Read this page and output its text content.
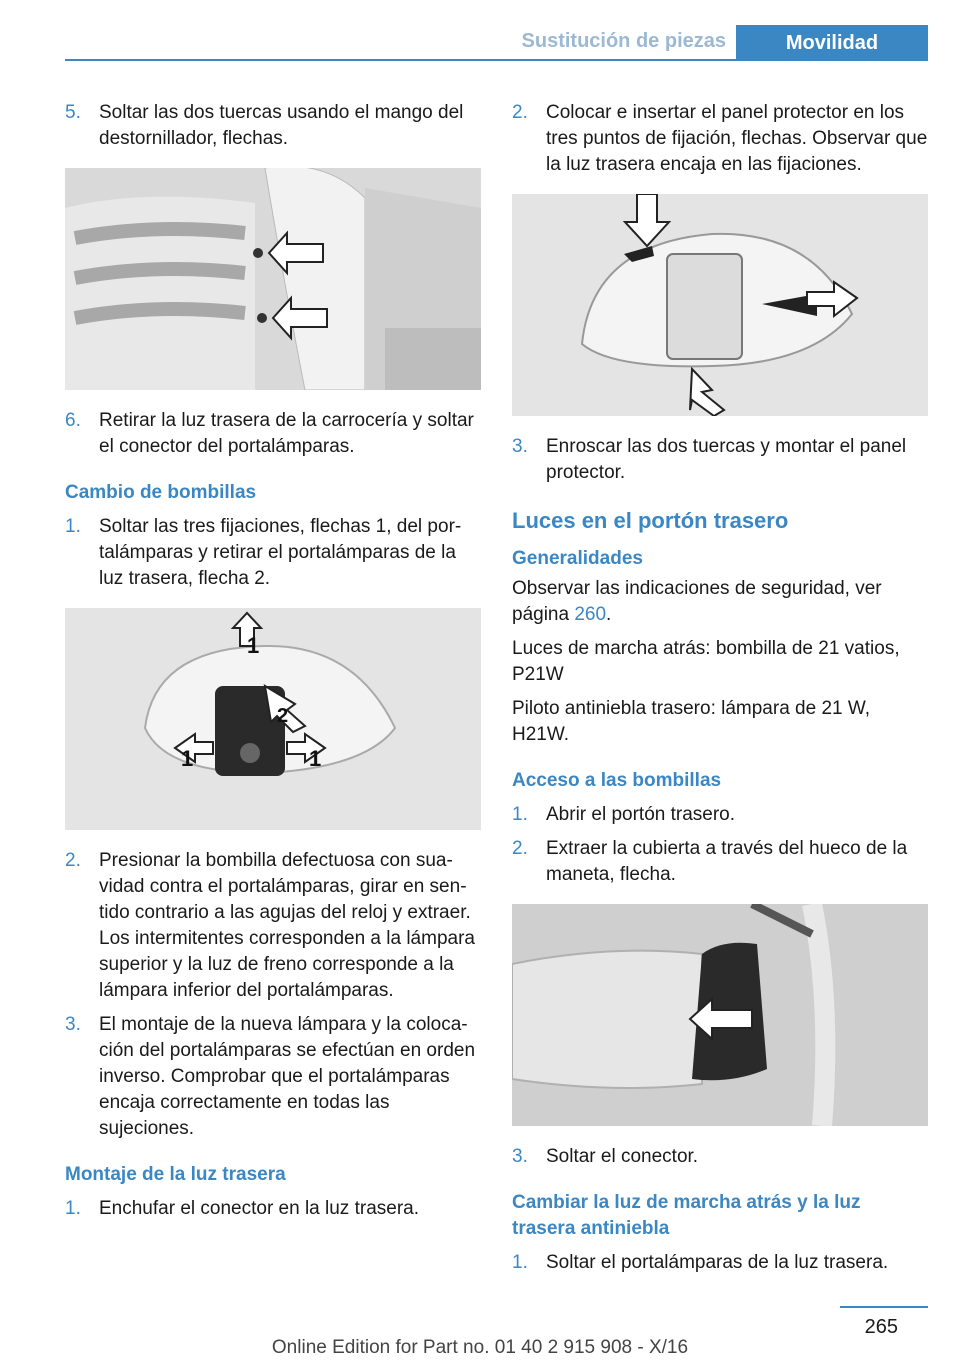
Sustitución de piezas	Movilidad
5. Soltar las dos tuercas usando el mango del destornillador, flechas.
6. Retirar la luz trasera de la carrocería y soltar el conector del portalámparas.
Cambio de bombillas
1. Soltar las tres fijaciones, flechas 1, del portalámparas y retirar el portalámparas de la luz trasera, flecha 2.
1
2
1	1
2. Presionar la bombilla defectuosa con suavidad contra el portalámparas, girar en sentido contrario a las agujas del reloj y extraer. Los intermitentes corresponden a la lámpara superior y la luz de freno corresponde a la lámpara inferior del portalámparas.
3. El montaje de la nueva lámpara y la colocación del portalámparas se efectúan en orden inverso. Comprobar que el portalámparas encaja correctamente en todas las sujeciones.
Montaje de la luz trasera
1. Enchufar el conector en la luz trasera.
2. Colocar e insertar el panel protector en los tres puntos de fijación, flechas. Observar que la luz trasera encaja en las fijaciones.
3. Enroscar las dos tuercas y montar el panel protector.
Luces en el portón trasero
Generalidades
Observar las indicaciones de seguridad, ver página 260.
Luces de marcha atrás: bombilla de 21 vatios, P21W
Piloto antiniebla trasero: lámpara de 21 W, H21W.
Acceso a las bombillas
1. Abrir el portón trasero.
2. Extraer la cubierta a través del hueco de la maneta, flecha.
3. Soltar el conector.
Cambiar la luz de marcha atrás y la luz trasera antiniebla
1. Soltar el portalámparas de la luz trasera.
265
Online Edition for Part no. 01 40 2 915 908 - X/16
